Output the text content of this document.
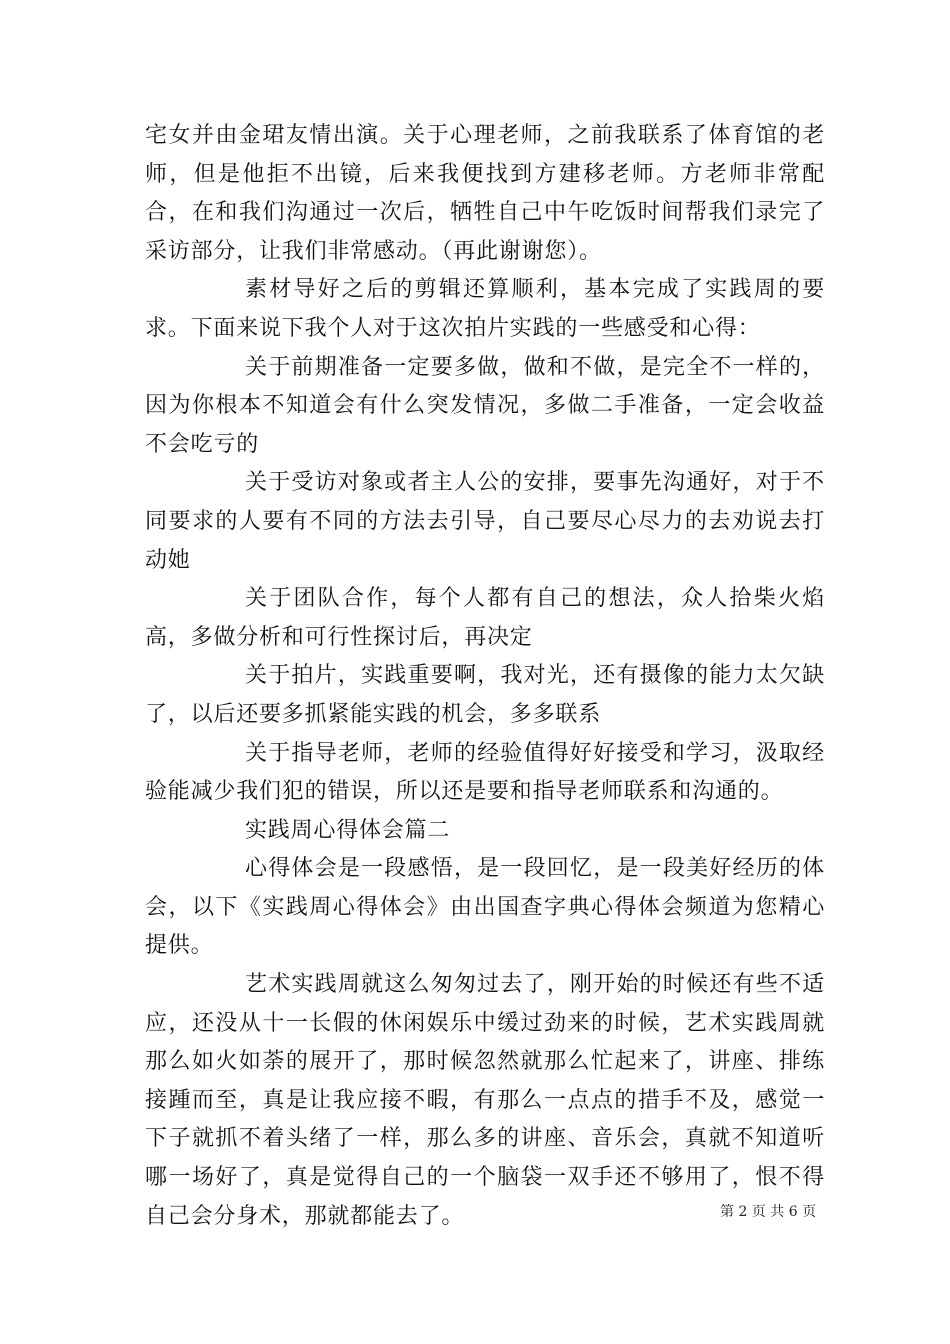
宅女并由金珺友情出演。关于心理老师，之前我联系了体育馆的老师，但是他拒不出镜，后来我便找到方建移老师。方老师非常配合，在和我们沟通过一次后，牺牲自己中午吃饭时间帮我们录完了采访部分，让我们非常感动。（再此谢谢您）。

素材导好之后的剪辑还算顺利，基本完成了实践周的要求。下面来说下我个人对于这次拍片实践的一些感受和心得：

关于前期准备一定要多做，做和不做，是完全不一样的，因为你根本不知道会有什么突发情况，多做二手准备，一定会收益不会吃亏的

关于受访对象或者主人公的安排，要事先沟通好，对于不同要求的人要有不同的方法去引导，自己要尽心尽力的去劝说去打动她

关于团队合作，每个人都有自己的想法，众人拾柴火焰高，多做分析和可行性探讨后，再决定

关于拍片，实践重要啊，我对光，还有摄像的能力太欠缺了，以后还要多抓紧能实践的机会，多多联系

关于指导老师，老师的经验值得好好接受和学习，汲取经验能减少我们犯的错误，所以还是要和指导老师联系和沟通的。

实践周心得体会篇二

心得体会是一段感悟，是一段回忆，是一段美好经历的体会，以下《实践周心得体会》由出国查字典心得体会频道为您精心提供。

艺术实践周就这么匆匆过去了，刚开始的时候还有些不适应，还没从十一长假的休闲娱乐中缓过劲来的时候，艺术实践周就那么如火如荼的展开了，那时候忽然就那么忙起来了，讲座、排练接踵而至，真是让我应接不暇，有那么一点点的措手不及，感觉一下子就抓不着头绪了一样，那么多的讲座、音乐会，真就不知道听哪一场好了，真是觉得自己的一个脑袋一双手还不够用了，恨不得自己会分身术，那就都能去了。	第 2 页 共 6 页
